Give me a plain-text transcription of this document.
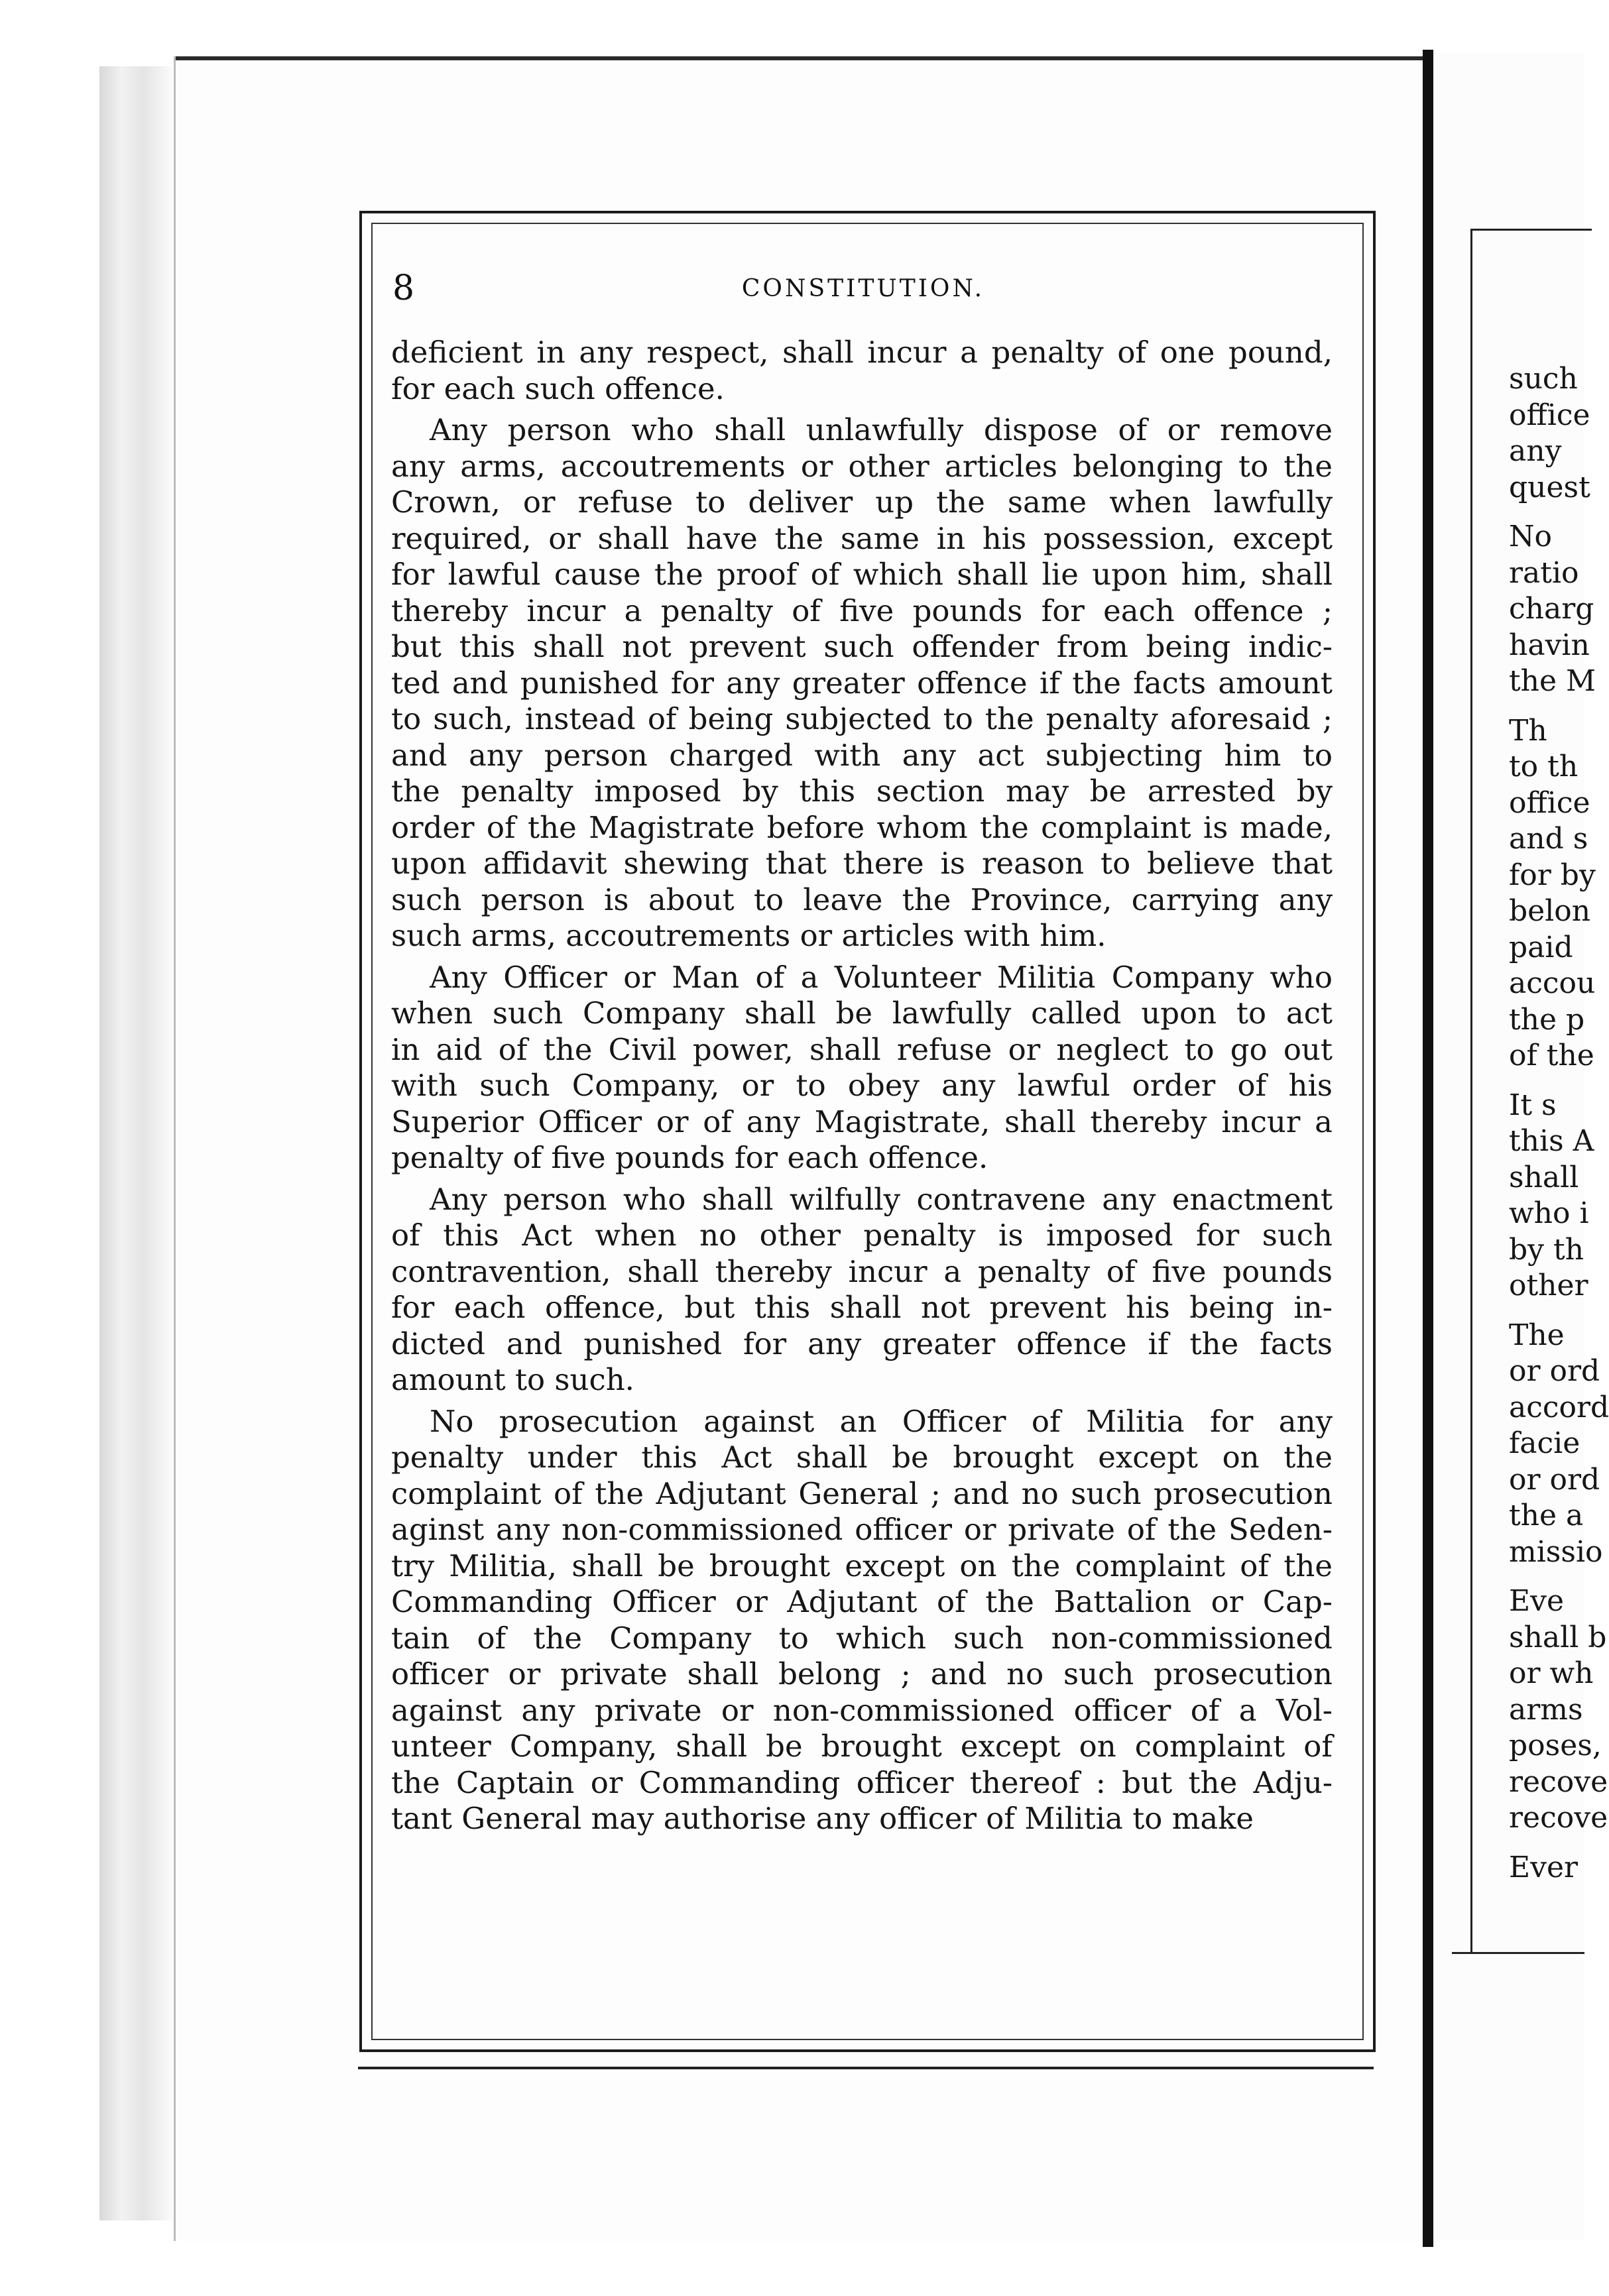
8	CONSTITUTION.
deficient in any respect, shall incur a penalty of one pound,
for each such offence.
Any person who shall unlawfully dispose of or remove
any arms, accoutrements or other articles belonging to the
Crown, or refuse to deliver up the same when lawfully
required, or shall have the same in his possession, except
for lawful cause the proof of which shall lie upon him, shall
thereby incur a penalty of five pounds for each offence ;
but this shall not prevent such offender from being indic-
ted and punished for any greater offence if the facts amount
to such, instead of being subjected to the penalty aforesaid ;
and any person charged with any act subjecting him to
the penalty imposed by this section may be arrested by
order of the Magistrate before whom the complaint is made,
upon affidavit shewing that there is reason to believe that
such person is about to leave the Province, carrying any
such arms, accoutrements or articles with him.
Any Officer or Man of a Volunteer Militia Company who
when such Company shall be lawfully called upon to act
in aid of the Civil power, shall refuse or neglect to go out
with such Company, or to obey any lawful order of his
Superior Officer or of any Magistrate, shall thereby incur a
penalty of five pounds for each offence.
Any person who shall wilfully contravene any enactment
of this Act when no other penalty is imposed for such
contravention, shall thereby incur a penalty of five pounds
for each offence, but this shall not prevent his being in-
dicted and punished for any greater offence if the facts
amount to such.
No prosecution against an Officer of Militia for any
penalty under this Act shall be brought except on the
complaint of the Adjutant General ; and no such prosecution
aginst any non-commissioned officer or private of the Seden-
try Militia, shall be brought except on the complaint of the
Commanding Officer or Adjutant of the Battalion or Cap-
tain of the Company to which such non-commissioned
officer or private shall belong ; and no such prosecution
against any private or non-commissioned officer of a Vol-
unteer Company, shall be brought except on complaint of
the Captain or Commanding officer thereof : but the Adju-
tant General may authorise any officer of Militia to make
such
office
any
quest
No
ratio
charg
havin
the M
Th
to th
office
and s
for by
belon
paid
accou
the p
of the
It s
this A
shall
who i
by th
other
The
or ord
accord
facie
or ord
the a
missio
Eve
shall b
or wh
arms
poses,
recove
recove
Ever
